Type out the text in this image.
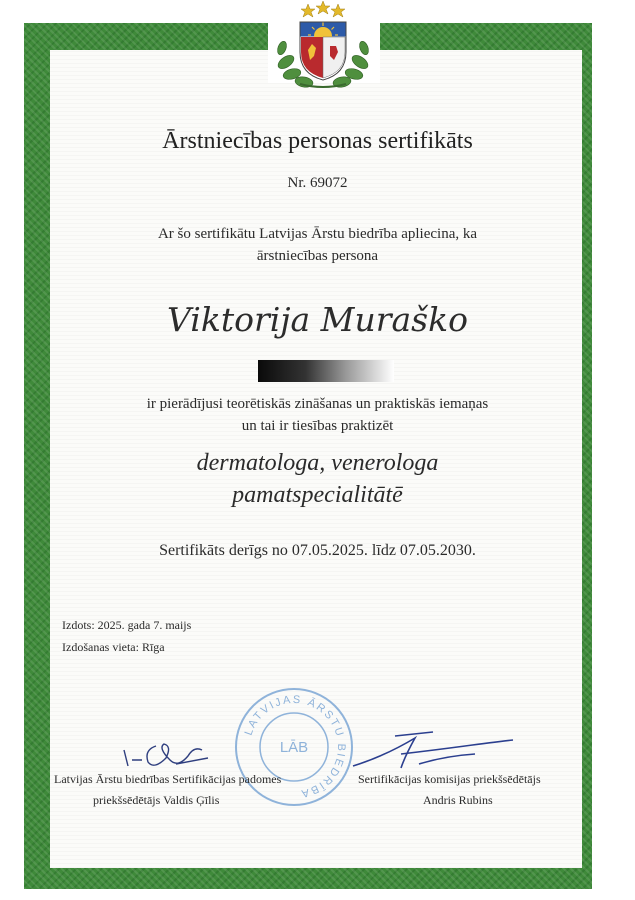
Ārstniecības personas sertifikāts
Nr. 69072
Ar šo sertifikātu Latvijas Ārstu biedrība apliecina, ka
ārstniecības persona
Viktorija Muraško
ir pierādījusi teorētiskās zināšanas un praktiskās iemaņas
un tai ir tiesības praktizēt
dermatologa, venerologa
pamatspecialitātē
Sertifikāts derīgs no 07.05.2025. līdz 07.05.2030.
Izdots: 2025. gada 7. maijs
Izdošanas vieta: Rīga
LATVIJAS ĀRSTU BIEDRĪBA
LĀB
Latvijas Ārstu biedrības Sertifikācijas padomes
priekšsēdētājs Valdis Ģīlis
Sertifikācijas komisijas priekšsēdētājs
Andris Rubins
